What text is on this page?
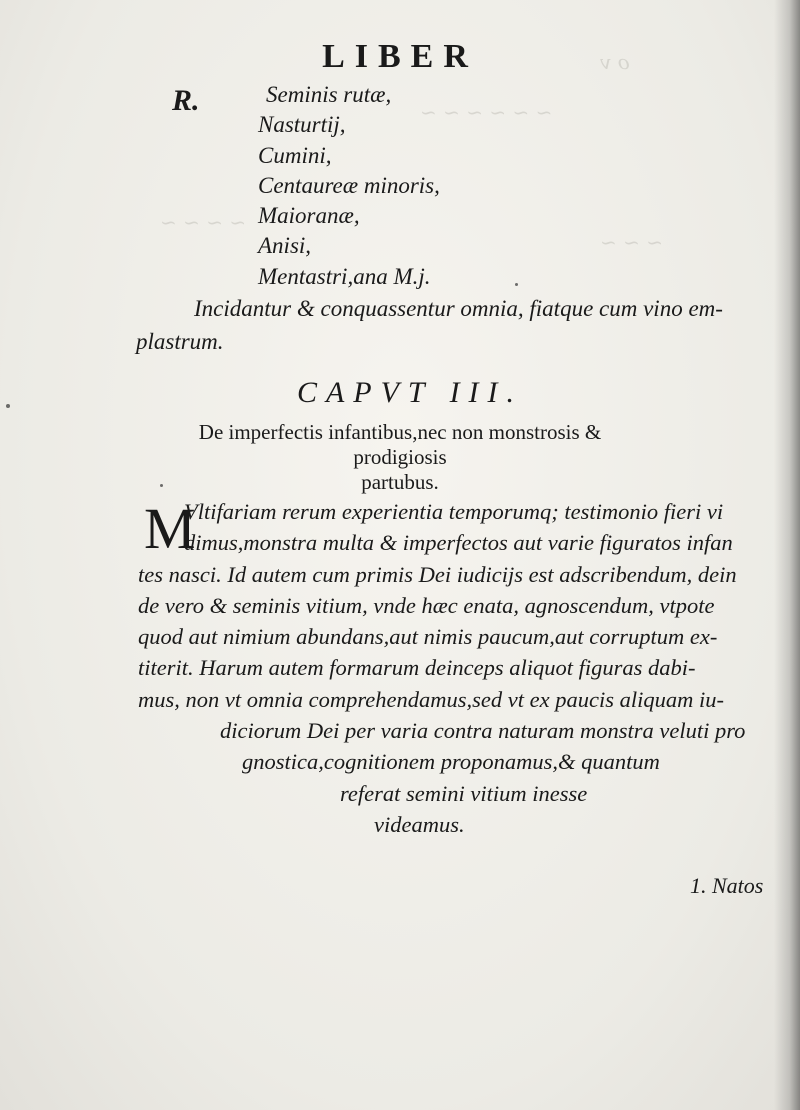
o v
~ ~ ~ ~ ~ ~
~ ~ ~ ~
~ ~ ~
LIBER
R.	Seminis rutæ,
Nasturtij,
Cumini,
Centaureæ minoris,
Maioranæ,
Anisi,
Mentastri,ana M.j.
Incidantur & conquassentur omnia, fiatque cum vino em-
plastrum.
CAPVT III.
De imperfectis infantibus,nec non monstrosis & prodigiosis
partubus.
M
Vltifariam rerum experientia temporumq; testimonio fieri vi
dimus,monstra multa & imperfectos aut varie figuratos infan
tes nasci. Id autem cum primis Dei iudicijs est adscribendum, dein
de vero & seminis vitium, vnde hæc enata, agnoscendum, vtpote
quod aut nimium abundans,aut nimis paucum,aut corruptum ex-
titerit. Harum autem formarum deinceps aliquot figuras dabi-
mus, non vt omnia comprehendamus,sed vt ex paucis aliquam iu-
diciorum Dei per varia contra naturam monstra veluti pro
gnostica,cognitionem proponamus,& quantum
referat semini vitium inesse
videamus.
1. Natos
